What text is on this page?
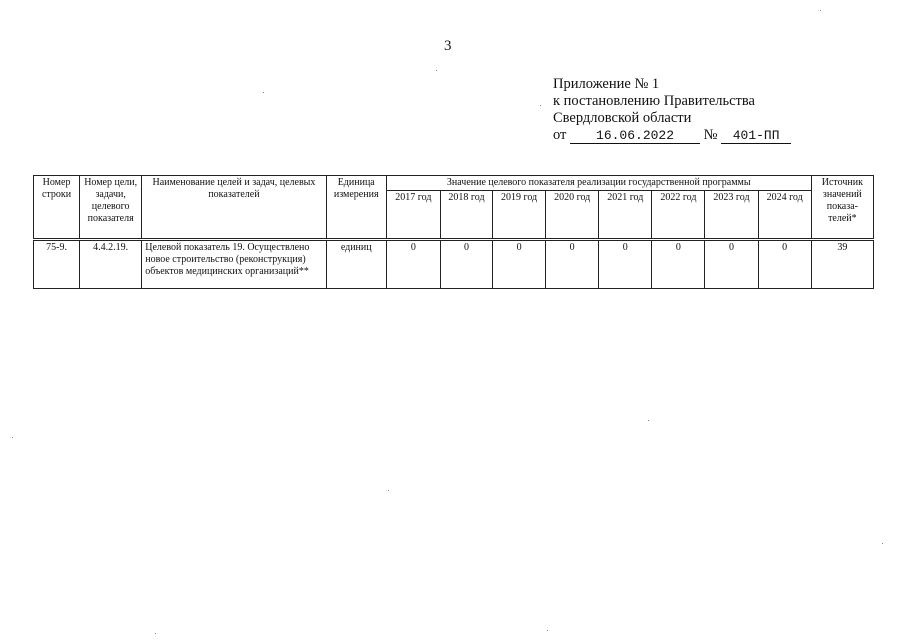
3
Приложение № 1
к постановлению Правительства
Свердловской области
от 16.06.2022 № 401-ПП
Номер строки	Номер цели, задачи, целевого показателя	Наименование целей и задач, целевых показателей	Единица измерения	Значение целевого показателя реализации государственной программы								Источник значений показа-телей*
				2017 год	2018 год	2019 год	2020 год	2021 год	2022 год	2023 год	2024 год	

75-9.	4.4.2.19.	Целевой показатель 19. Осуществлено новое строительство (реконструкция) объектов медицинских организаций**	единиц	0	0	0	0	0	0	0	0	39
